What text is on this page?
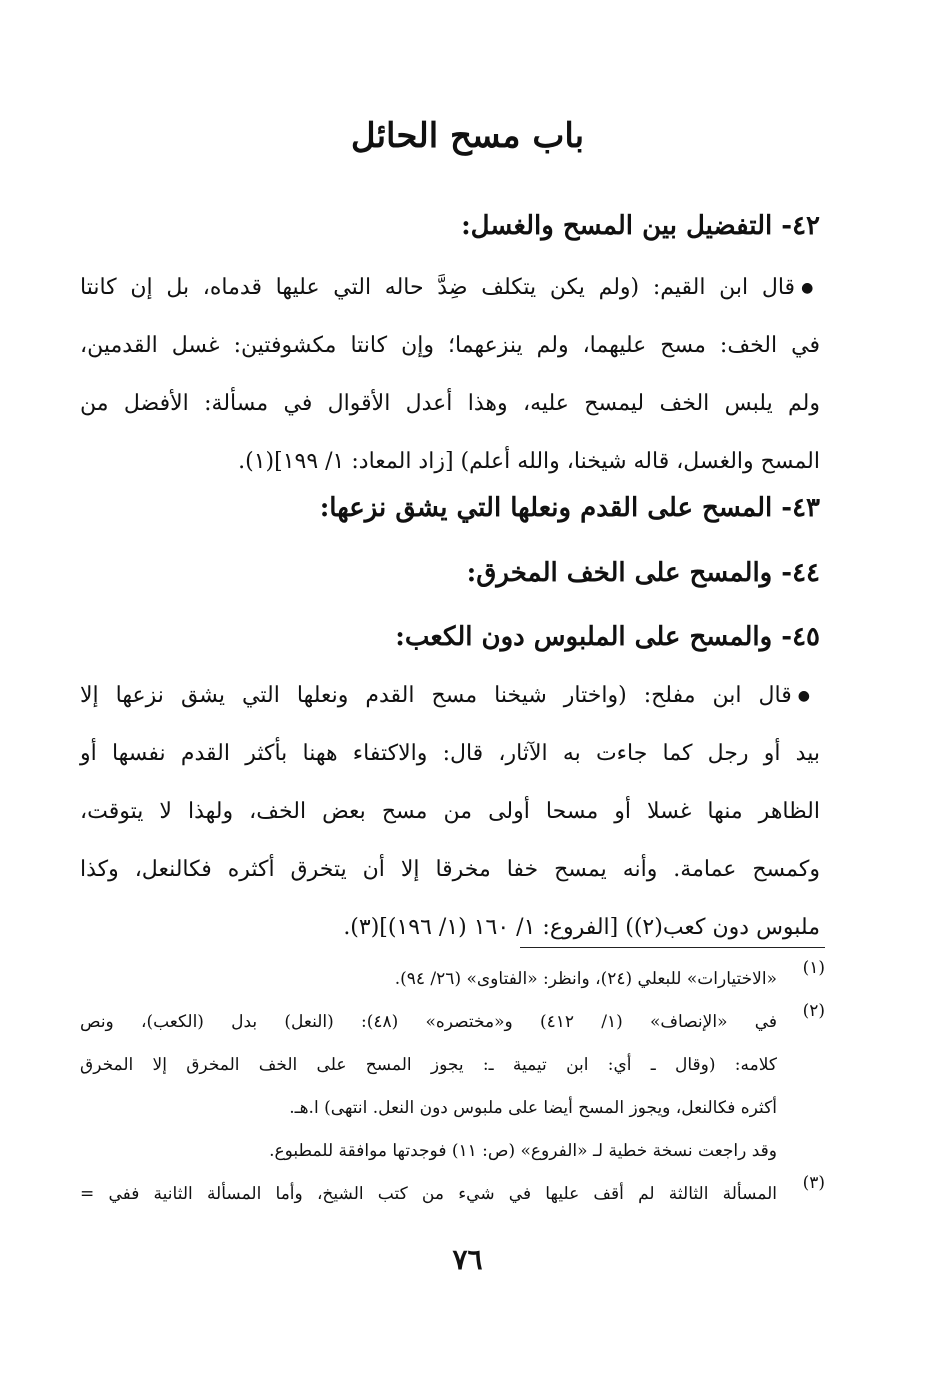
باب مسح الحائل
٤٢- التفضيل بين المسح والغسل:
● قال ابن القيم: (ولم يكن يتكلف ضِدَّ حاله التي عليها قدماه، بل إن كانتا
في الخف: مسح عليهما، ولم ينزعهما؛ وإن كانتا مكشوفتين: غسل القدمين،
ولم يلبس الخف ليمسح عليه، وهذا أعدل الأقوال في مسألة: الأفضل من
المسح والغسل، قاله شيخنا، والله أعلم) [زاد المعاد: ١/ ١٩٩](١).
٤٣- المسح على القدم ونعلها التي يشق نزعها:
٤٤- والمسح على الخف المخرق:
٤٥- والمسح على الملبوس دون الكعب:
● قال ابن مفلح: (واختار شيخنا مسح القدم ونعلها التي يشق نزعها إلا
بيد أو رجل كما جاءت به الآثار، قال: والاكتفاء ههنا بأكثر القدم نفسها أو
الظاهر منها غسلا أو مسحا أولى من مسح بعض الخف، ولهذا لا يتوقت،
وكمسح عمامة. وأنه يمسح خفا مخرقا إلا أن يتخرق أكثره فكالنعل، وكذا
ملبوس دون كعب(٢)) [الفروع: ١/ ١٦٠ (١/ ١٩٦)](٣).
(١)
«الاختيارات» للبعلي (٢٤)، وانظر: «الفتاوى» (٢٦/ ٩٤).
(٢)
في «الإنصاف» (١/ ٤١٢) و«مختصره» (٤٨): (النعل) بدل (الكعب)، ونص
كلامه: (وقال ـ أي: ابن تيمية ـ: يجوز المسح على الخف المخرق إلا المخرق
أكثره فكالنعل، ويجوز المسح أيضا على ملبوس دون النعل. انتهى) ا.هـ.
وقد راجعت نسخة خطية لـ «الفروع» (ص: ١١) فوجدتها موافقة للمطبوع.
(٣)
المسألة الثالثة لم أقف عليها في شيء من كتب الشيخ، وأما المسألة الثانية ففي =
٧٦
